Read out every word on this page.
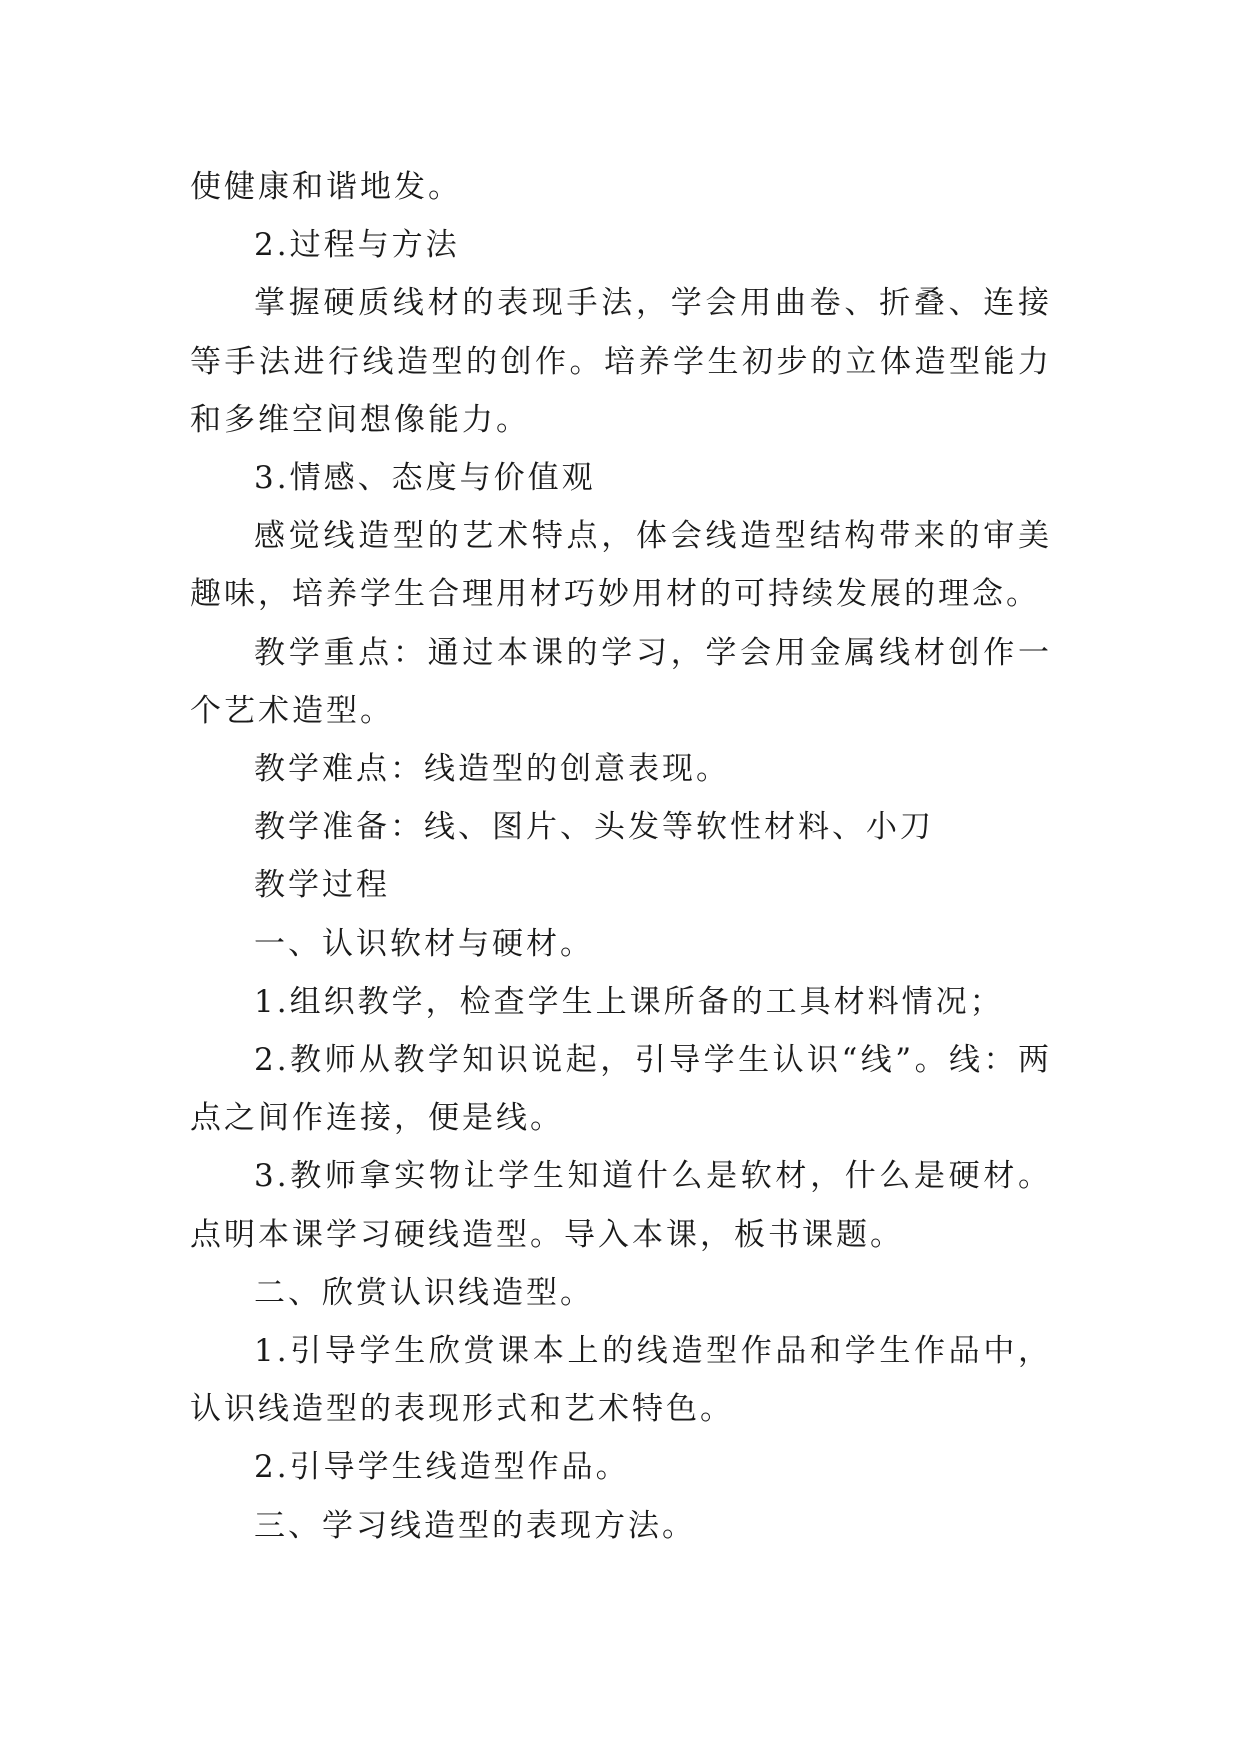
使健康和谐地发。

2.过程与方法

掌握硬质线材的表现手法，学会用曲卷、折叠、连接等手法进行线造型的创作。培养学生初步的立体造型能力和多维空间想像能力。

3.情感、态度与价值观

感觉线造型的艺术特点，体会线造型结构带来的审美趣味，培养学生合理用材巧妙用材的可持续发展的理念。

教学重点：通过本课的学习，学会用金属线材创作一个艺术造型。

教学难点：线造型的创意表现。

教学准备：线、图片、头发等软性材料、小刀

教学过程

一、认识软材与硬材。

1.组织教学，检查学生上课所备的工具材料情况；

2.教师从教学知识说起，引导学生认识“线”。线：两点之间作连接，便是线。

3.教师拿实物让学生知道什么是软材，什么是硬材。点明本课学习硬线造型。导入本课，板书课题。

二、欣赏认识线造型。

1.引导学生欣赏课本上的线造型作品和学生作品中，认识线造型的表现形式和艺术特色。

2.引导学生线造型作品。

三、学习线造型的表现方法。
